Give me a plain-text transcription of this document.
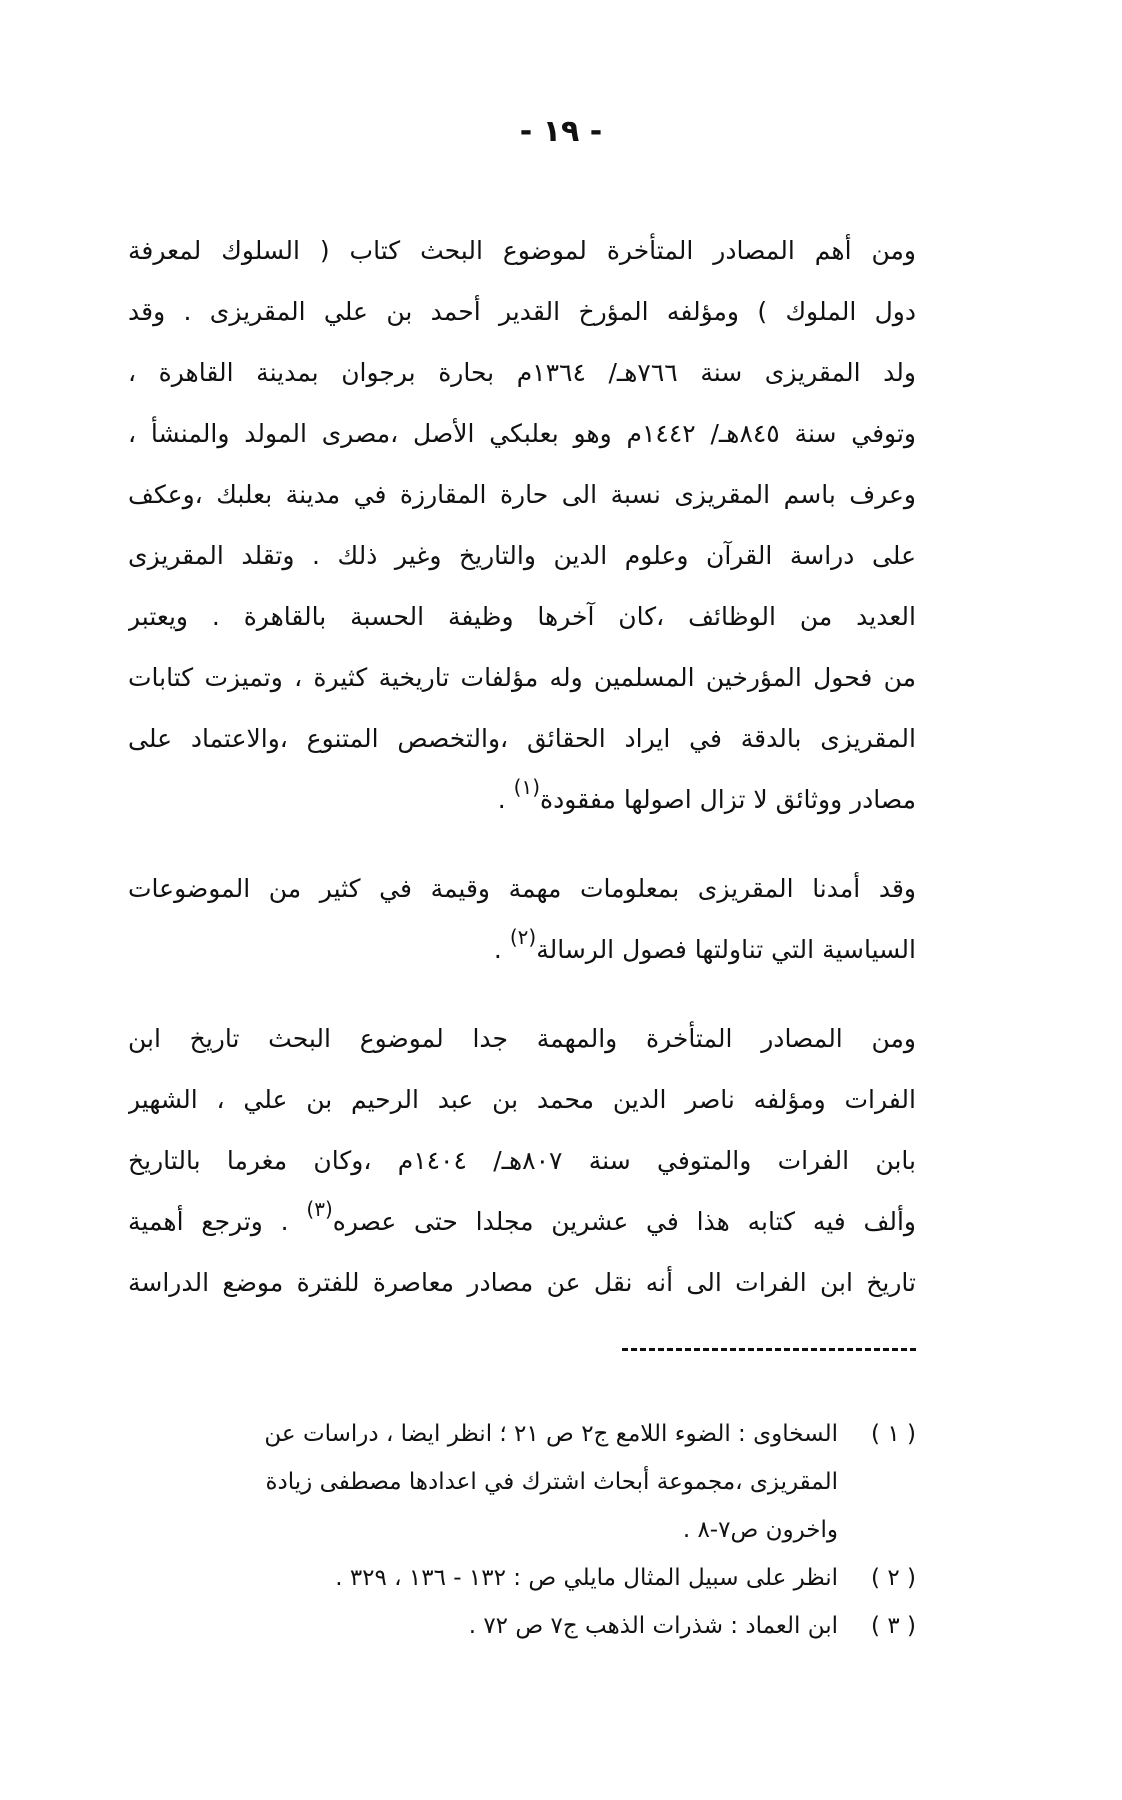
- ١٩ -
ومن أهم المصادر المتأخرة لموضوع البحث كتاب ( السلوك لمعرفة
دول الملوك ) ومؤلفه المؤرخ القدير أحمد بن علي المقريزى . وقد
ولد المقريزى سنة ٧٦٦هـ/ ١٣٦٤م بحارة برجوان بمدينة القاهرة ،
وتوفي سنة ٨٤٥هـ/ ١٤٤٢م وهو بعلبكي الأصل ،مصرى المولد والمنشأ ،
وعرف باسم المقريزى نسبة الى حارة المقارزة في مدينة بعلبك ،وعكف
على دراسة القرآن وعلوم الدين والتاريخ وغير ذلك . وتقلد المقريزى
العديد من الوظائف ،كان آخرها وظيفة الحسبة بالقاهرة . ويعتبر
من فحول المؤرخين المسلمين وله مؤلفات تاريخية كثيرة ، وتميزت كتابات
المقريزى بالدقة في ايراد الحقائق ،والتخصص المتنوع ،والاعتماد على
مصادر ووثائق لا تزال اصولها مفقودة$^{(١)}$ .
وقد أمدنا المقريزى بمعلومات مهمة وقيمة في كثير من الموضوعات
السياسية التي تناولتها فصول الرسالة$^{(٢)}$ .
ومن المصادر المتأخرة والمهمة جدا لموضوع البحث تاريخ ابن
الفرات ومؤلفه ناصر الدين محمد بن عبد الرحيم بن علي ، الشهير
بابن الفرات والمتوفي سنة ٨٠٧هـ/ ١٤٠٤م ،وكان مغرما بالتاريخ
وألف فيه كتابه هذا في عشرين مجلدا حتى عصره$^{(٣)}$ . وترجع أهمية
تاريخ ابن الفرات الى أنه نقل عن مصادر معاصرة للفترة موضع الدراسة
( ١ )
السخاوى : الضوء اللامع ج٢ ص ٢١ ؛ انظر ايضا ، دراسات عن
المقريزى ،مجموعة أبحاث اشترك في اعدادها مصطفى زيادة
واخرون ص٧-٨ .
( ٢ )
انظر على سبيل المثال مايلي ص : ١٣٢ - ١٣٦ ، ٣٢٩ .
( ٣ )
ابن العماد : شذرات الذهب ج٧ ص ٧٢ .
